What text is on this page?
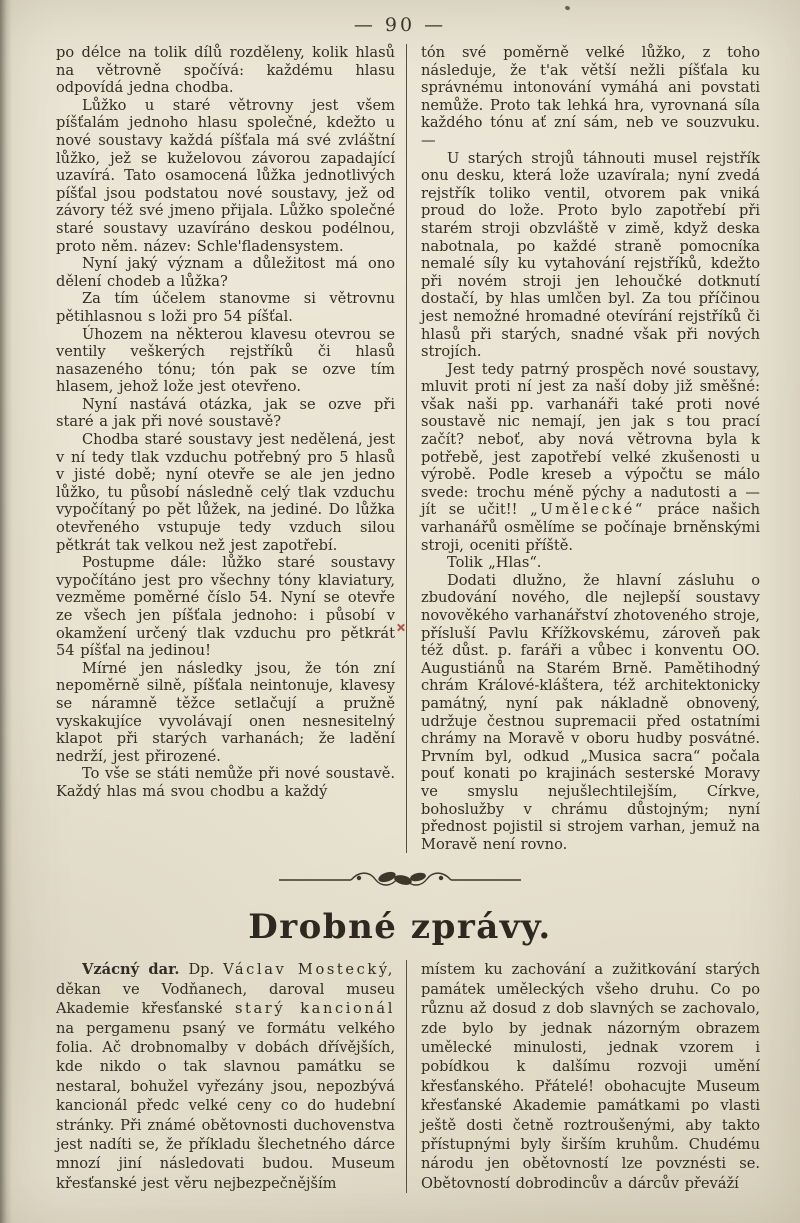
— 90 —

po délce na tolik dílů rozděleny, kolik hlasů na větrovně spočívá: každému hlasu odpovídá jedna chodba.

Lůžko u staré větrovny jest všem píšťalám jednoho hlasu společné, kdežto u nové soustavy každá píšťala má své zvláštní lůžko, jež se kuželovou závorou zapadající uzavírá. Tato osamocená lůžka jednotlivých píšťal jsou podstatou nové soustavy, jež od závory též své jmeno přijala. Lůžko společné staré soustavy uzavíráno deskou podélnou, proto něm. název: Schle'fladensystem.

Nyní jaký význam a důležitost má ono dělení chodeb a lůžka?

Za tím účelem stanovme si větrovnu pětihlasnou s loži pro 54 píšťal.

Úhozem na některou klavesu otevrou se ventily veškerých rejstříků či hlasů nasazeného tónu; tón pak se ozve tím hlasem, jehož lože jest otevřeno.

Nyní nastává otázka, jak se ozve při staré a jak při nové soustavě?

Chodba staré soustavy jest nedělená, jest v ní tedy tlak vzduchu potřebný pro 5 hlasů v jisté době; nyní otevře se ale jen jedno lůžko, tu působí následně celý tlak vzduchu vypočítaný po pět lůžek, na jediné. Do lůžka otevřeného vstupuje tedy vzduch silou pětkrát tak velkou než jest zapotřebí.

Postupme dále: lůžko staré soustavy vypočítáno jest pro všechny tóny klaviatury, vezměme poměrné číslo 54. Nyní se otevře ze všech jen píšťala jednoho: i působí v okamžení určený tlak vzduchu pro pětkrát 54 píšťal na jedinou!

Mírné jen následky jsou, že tón zní nepoměrně silně, píšťala neintonuje, klavesy se náramně těžce setlačují a pružně vyskakujíce vyvolávají onen nesnesitelný klapot při starých varhanách; že ladění nedrží, jest přirozené.

To vše se státi nemůže při nové soustavě. Každý hlas má svou chodbu a každý

tón své poměrně velké lůžko, z toho následuje, že t'ak větší nežli píšťala ku správnému intonování vymáhá ani povstati nemůže. Proto tak lehká hra, vyrovnaná síla každého tónu ať zní sám, neb ve souzvuku. —

U starých strojů táhnouti musel rejstřík onu desku, která lože uzavírala; nyní zvedá rejstřík toliko ventil, otvorem pak vniká proud do lože. Proto bylo zapotřebí při starém stroji obzvláště v zimě, když deska nabotnala, po každé straně pomocníka nemalé síly ku vytahování rejstříků, kdežto při novém stroji jen lehoučké dotknutí dostačí, by hlas umlčen byl. Za tou příčinou jest nemožné hromadné otevírání rejstříků či hlasů při starých, snadné však při nových strojích.

Jest tedy patrný prospěch nové soustavy, mluvit proti ní jest za naší doby již směšné: však naši pp. varhanáři také proti nové soustavě nic nemají, jen jak s tou prací začít? neboť, aby nová větrovna byla k potřebě, jest zapotřebí velké zkušenosti u výrobě. Podle kreseb a výpočtu se málo svede: trochu méně pýchy a nadutosti a — jít se učit!! „Umělecké“ práce našich varhanářů osmělíme se počínaje brněnskými stroji, oceniti příště.

Tolik „Hlas“.

Dodati dlužno, že hlavní zásluhu o zbudování nového, dle nejlepší soustavy novověkého varhanářství zhotoveného stroje, přísluší Pavlu Křížkovskému, zároveň pak též důst. p. faráři a vůbec i konventu OO. Augustiánů na Starém Brně. Pamětihodný chrám Králové-kláštera, též architektonicky památný, nyní pak nákladně obnovený, udržuje čestnou supremacii před ostatními chrámy na Moravě v oboru hudby posvátné. Prvním byl, odkud „Musica sacra“ počala pouť konati po krajinách sesterské Moravy ve smyslu nejušlechtilejším, Církve, bohoslužby v chrámu důstojným; nyní přednost pojistil si strojem varhan, jemuž na Moravě není rovno.

Drobné zprávy.

Vzácný dar. Dp. Václav Mostecký, děkan ve Vodňanech, daroval museu Akademie křesťanské starý kancionál na pergamenu psaný ve formátu velkého folia. Ač drobnomalby v dobách dřívějších, kde nikdo o tak slavnou památku se nestaral, bohužel vyřezány jsou, nepozbývá kancionál předc velké ceny co do hudební stránky. Při známé obětovnosti duchovenstva jest nadíti se, že příkladu šlechetného dárce mnozí jiní následovati budou. Museum křesťanské jest věru nejbezpečnějším

místem ku zachování a zužitkování starých památek uměleckých všeho druhu. Co po různu až dosud z dob slavných se zachovalo, zde bylo by jednak názorným obrazem umělecké minulosti, jednak vzorem i pobídkou k dalšímu rozvoji umění křesťanského. Přátelé! obohacujte Museum křesťanské Akademie památkami po vlasti ještě dosti četně roztroušenými, aby takto přístupnými byly širším kruhům. Chudému národu jen obětovností lze povznésti se. Obětovností dobrodincův a dárcův převáží
